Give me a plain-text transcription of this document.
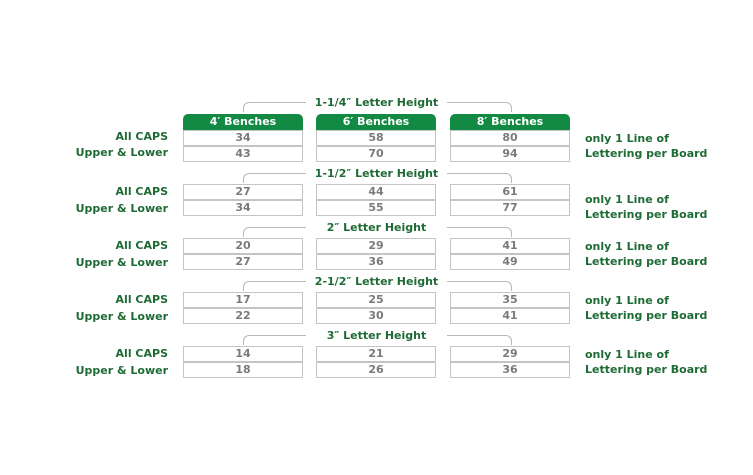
1-1/4″ Letter Height
All CAPS
Upper & Lower
4′ Benches
34
43
6′ Benches
58
70
8′ Benches
80
94
only 1 Line of
Lettering per Board
1-1/2″ Letter Height
All CAPS
Upper & Lower
27
34
44
55
61
77
only 1 Line of
Lettering per Board
2″ Letter Height
All CAPS
Upper & Lower
20
27
29
36
41
49
only 1 Line of
Lettering per Board
2-1/2″ Letter Height
All CAPS
Upper & Lower
17
22
25
30
35
41
only 1 Line of
Lettering per Board
3″ Letter Height
All CAPS
Upper & Lower
14
18
21
26
29
36
only 1 Line of
Lettering per Board
